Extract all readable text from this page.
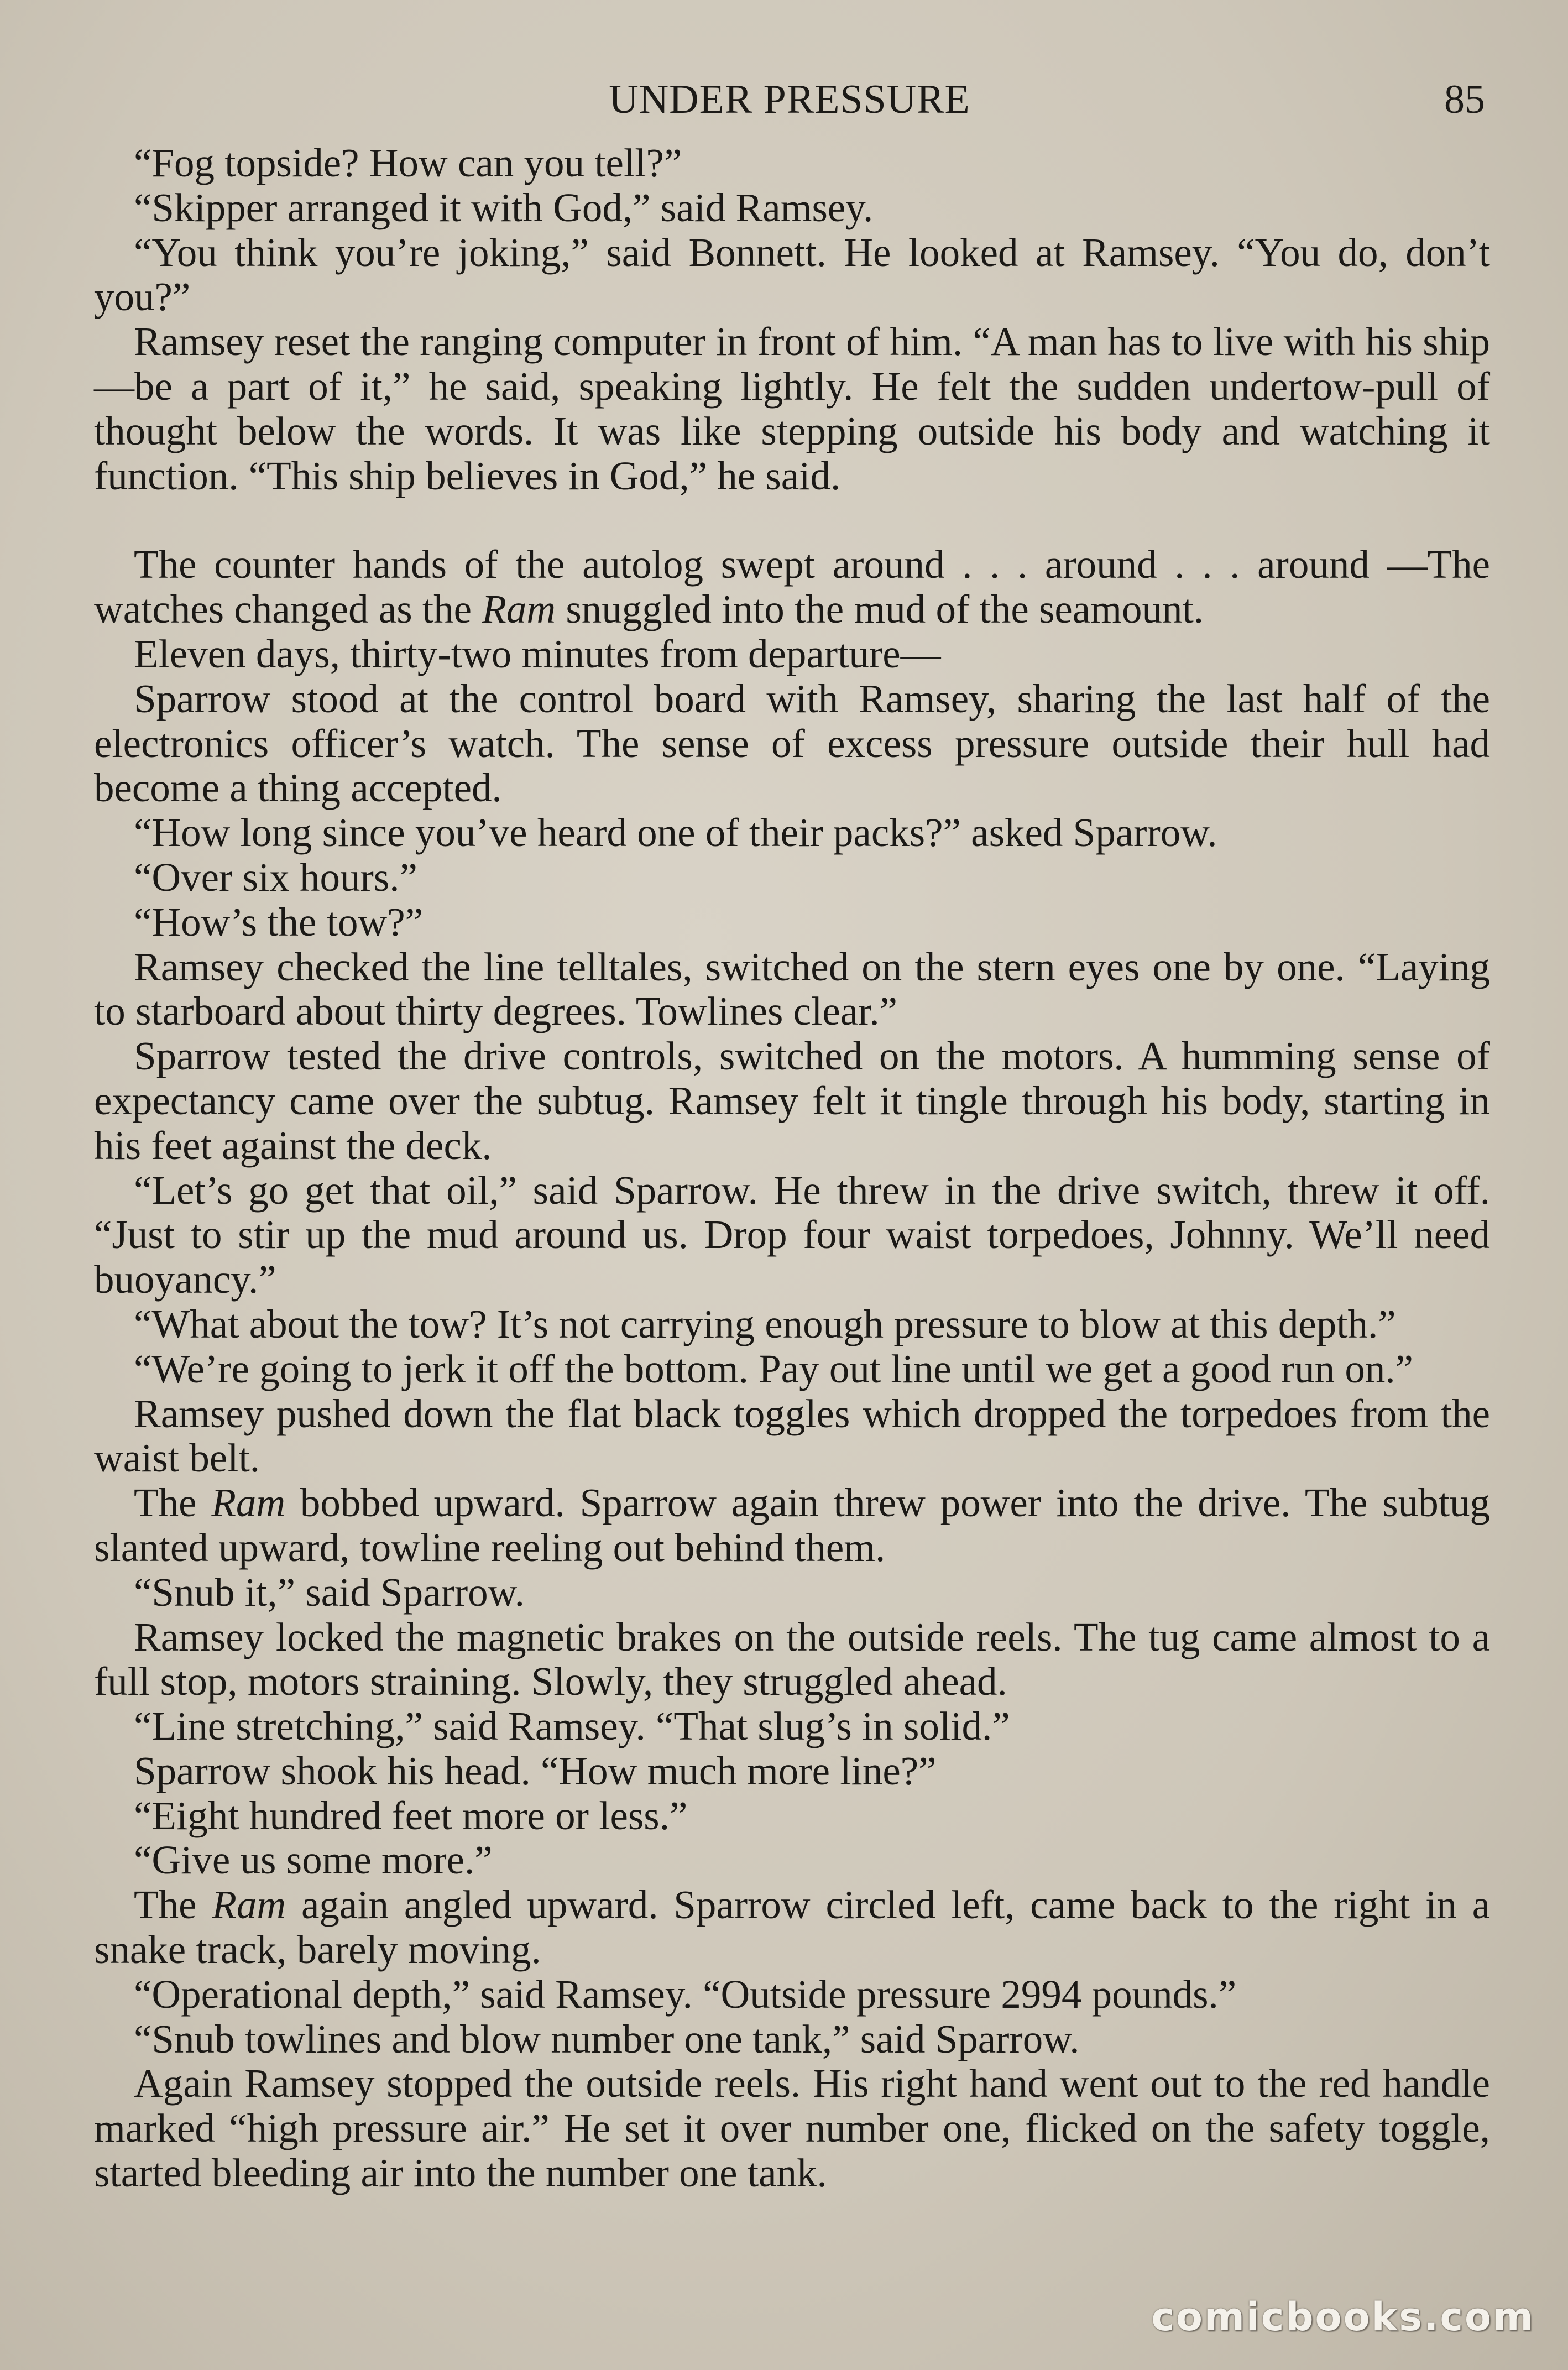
UNDER PRESSURE	85

“Fog topside? How can you tell?”

“Skipper arranged it with God,” said Ramsey.

“You think you’re joking,” said Bonnett. He looked at Ramsey. “You do, don’t you?”

Ramsey reset the ranging computer in front of him. “A man has to live with his ship—be a part of it,” he said, speaking lightly. He felt the sudden undertow-pull of thought below the words. It was like stepping outside his body and watching it function. “This ship believes in God,” he said.

The counter hands of the autolog swept around . . . around . . . around —The watches changed as the Ram snuggled into the mud of the seamount.

Eleven days, thirty-two minutes from departure—

Sparrow stood at the control board with Ramsey, sharing the last half of the electronics officer’s watch. The sense of excess pressure outside their hull had become a thing accepted.

“How long since you’ve heard one of their packs?” asked Sparrow.

“Over six hours.”

“How’s the tow?”

Ramsey checked the line telltales, switched on the stern eyes one by one. “Laying to starboard about thirty degrees. Towlines clear.”

Sparrow tested the drive controls, switched on the motors. A humming sense of expectancy came over the subtug. Ramsey felt it tingle through his body, starting in his feet against the deck.

“Let’s go get that oil,” said Sparrow. He threw in the drive switch, threw it off. “Just to stir up the mud around us. Drop four waist torpedoes, Johnny. We’ll need buoyancy.”

“What about the tow? It’s not carrying enough pressure to blow at this depth.”

“We’re going to jerk it off the bottom. Pay out line until we get a good run on.”

Ramsey pushed down the flat black toggles which dropped the torpedoes from the waist belt.

The Ram bobbed upward. Sparrow again threw power into the drive. The subtug slanted upward, towline reeling out behind them.

“Snub it,” said Sparrow.

Ramsey locked the magnetic brakes on the outside reels. The tug came almost to a full stop, motors straining. Slowly, they struggled ahead.

“Line stretching,” said Ramsey. “That slug’s in solid.”

Sparrow shook his head. “How much more line?”

“Eight hundred feet more or less.”

“Give us some more.”

The Ram again angled upward. Sparrow circled left, came back to the right in a snake track, barely moving.

“Operational depth,” said Ramsey. “Outside pressure 2994 pounds.”

“Snub towlines and blow number one tank,” said Sparrow.

Again Ramsey stopped the outside reels. His right hand went out to the red handle marked “high pressure air.” He set it over number one, flicked on the safety toggle, started bleeding air into the number one tank.

comicbooks.com
